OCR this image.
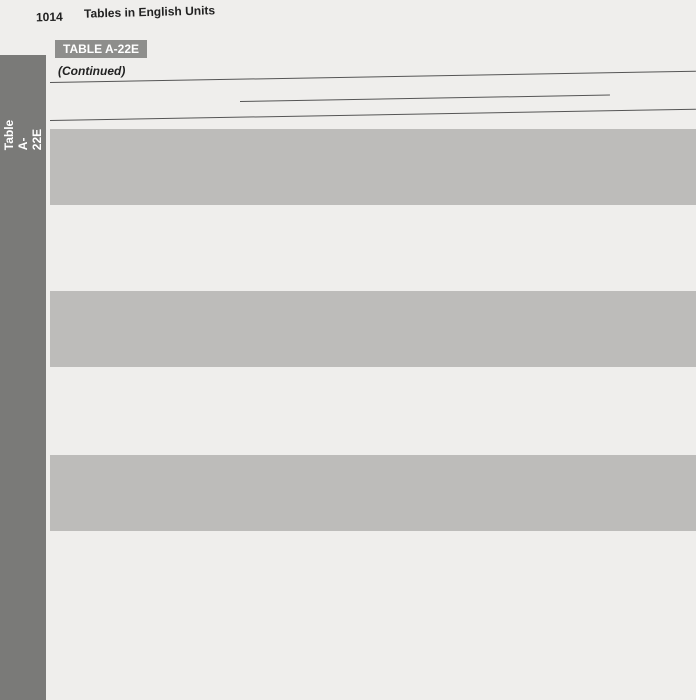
1014 Tables in English Units
Table A-22E
TABLE A-22E
(Continued)
